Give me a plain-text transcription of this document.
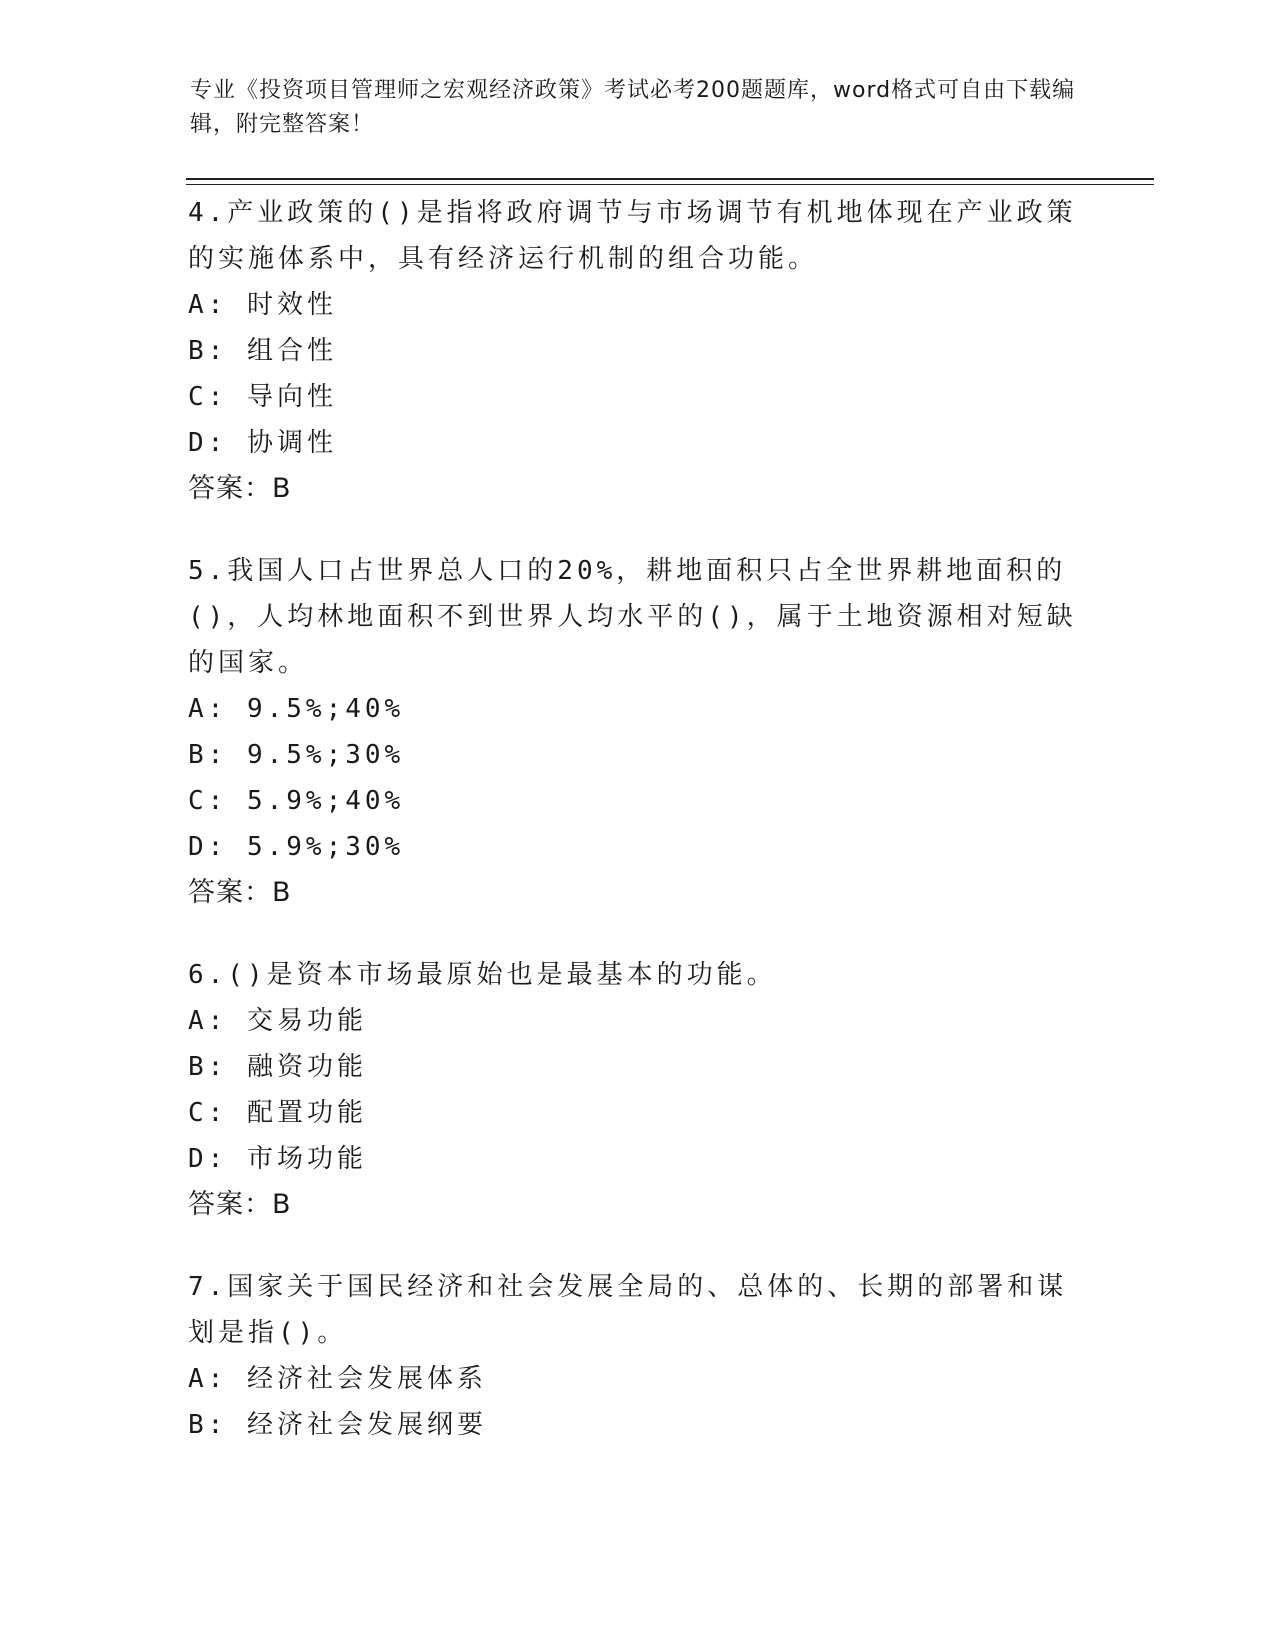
专业《投资项目管理师之宏观经济政策》考试必考200题题库，word格式可自由下载编辑，附完整答案！

4.产业政策的()是指将政府调节与市场调节有机地体现在产业政策的实施体系中，具有经济运行机制的组合功能。

A: 时效性
B: 组合性
C: 导向性
D: 协调性
答案：B

5.我国人口占世界总人口的20%，耕地面积只占全世界耕地面积的()，人均林地面积不到世界人均水平的()，属于土地资源相对短缺的国家。

A: 9.5%;40%
B: 9.5%;30%
C: 5.9%;40%
D: 5.9%;30%
答案：B

6.()是资本市场最原始也是最基本的功能。

A: 交易功能
B: 融资功能
C: 配置功能
D: 市场功能
答案：B

7.国家关于国民经济和社会发展全局的、总体的、长期的部署和谋划是指()。

A: 经济社会发展体系
B: 经济社会发展纲要
